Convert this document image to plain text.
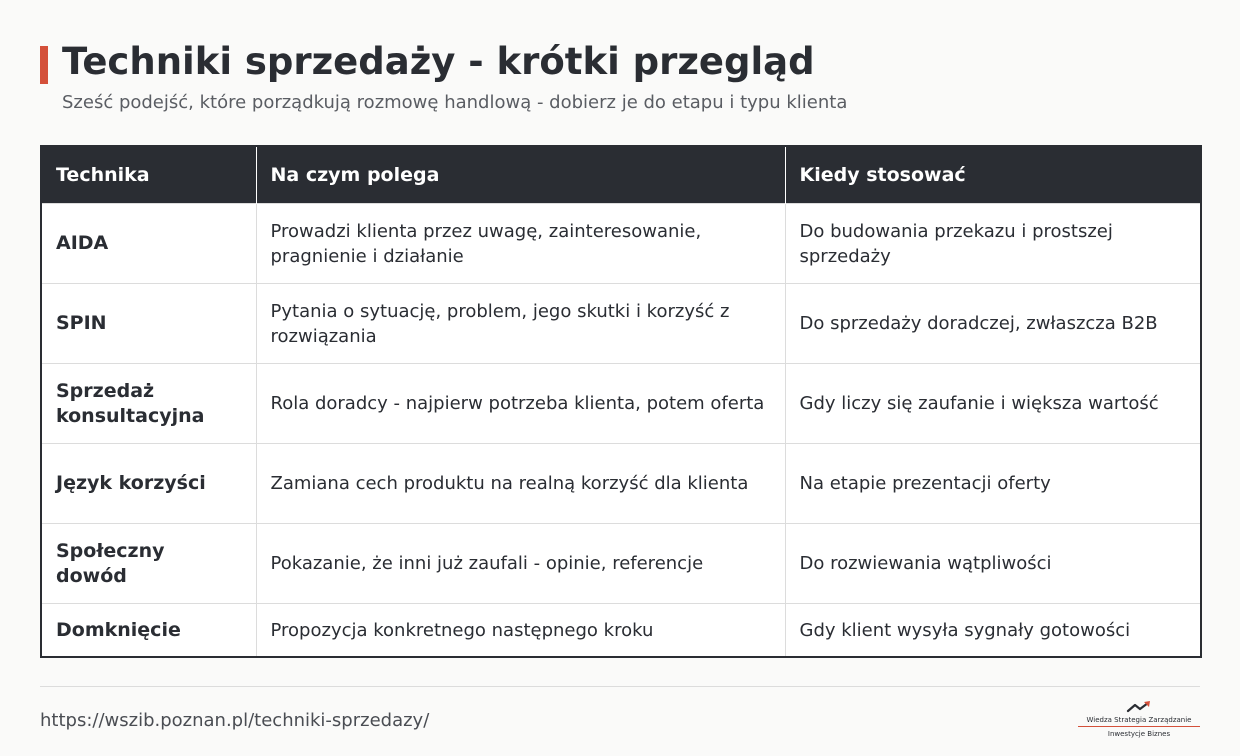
Techniki sprzedaży - krótki przegląd

Sześć podejść, które porządkują rozmowę handlową - dobierz je do etapu i typu klienta

Technika	Na czym polega	Kiedy stosować
AIDA	Prowadzi klienta przez uwagę, zainteresowanie, pragnienie i działanie	Do budowania przekazu i prostszej sprzedaży
SPIN	Pytania o sytuację, problem, jego skutki i korzyść z rozwiązania	Do sprzedaży doradczej, zwłaszcza B2B
Sprzedaż konsultacyjna	Rola doradcy - najpierw potrzeba klienta, potem oferta	Gdy liczy się zaufanie i większa wartość
Język korzyści	Zamiana cech produktu na realną korzyść dla klienta	Na etapie prezentacji oferty
Społeczny dowód	Pokazanie, że inni już zaufali - opinie, referencje	Do rozwiewania wątpliwości
Domknięcie	Propozycja konkretnego następnego kroku	Gdy klient wysyła sygnały gotowości
https://wszib.poznan.pl/techniki-sprzedazy/	Wiedza Strategia Zarządzanie
Inwestycje Biznes
